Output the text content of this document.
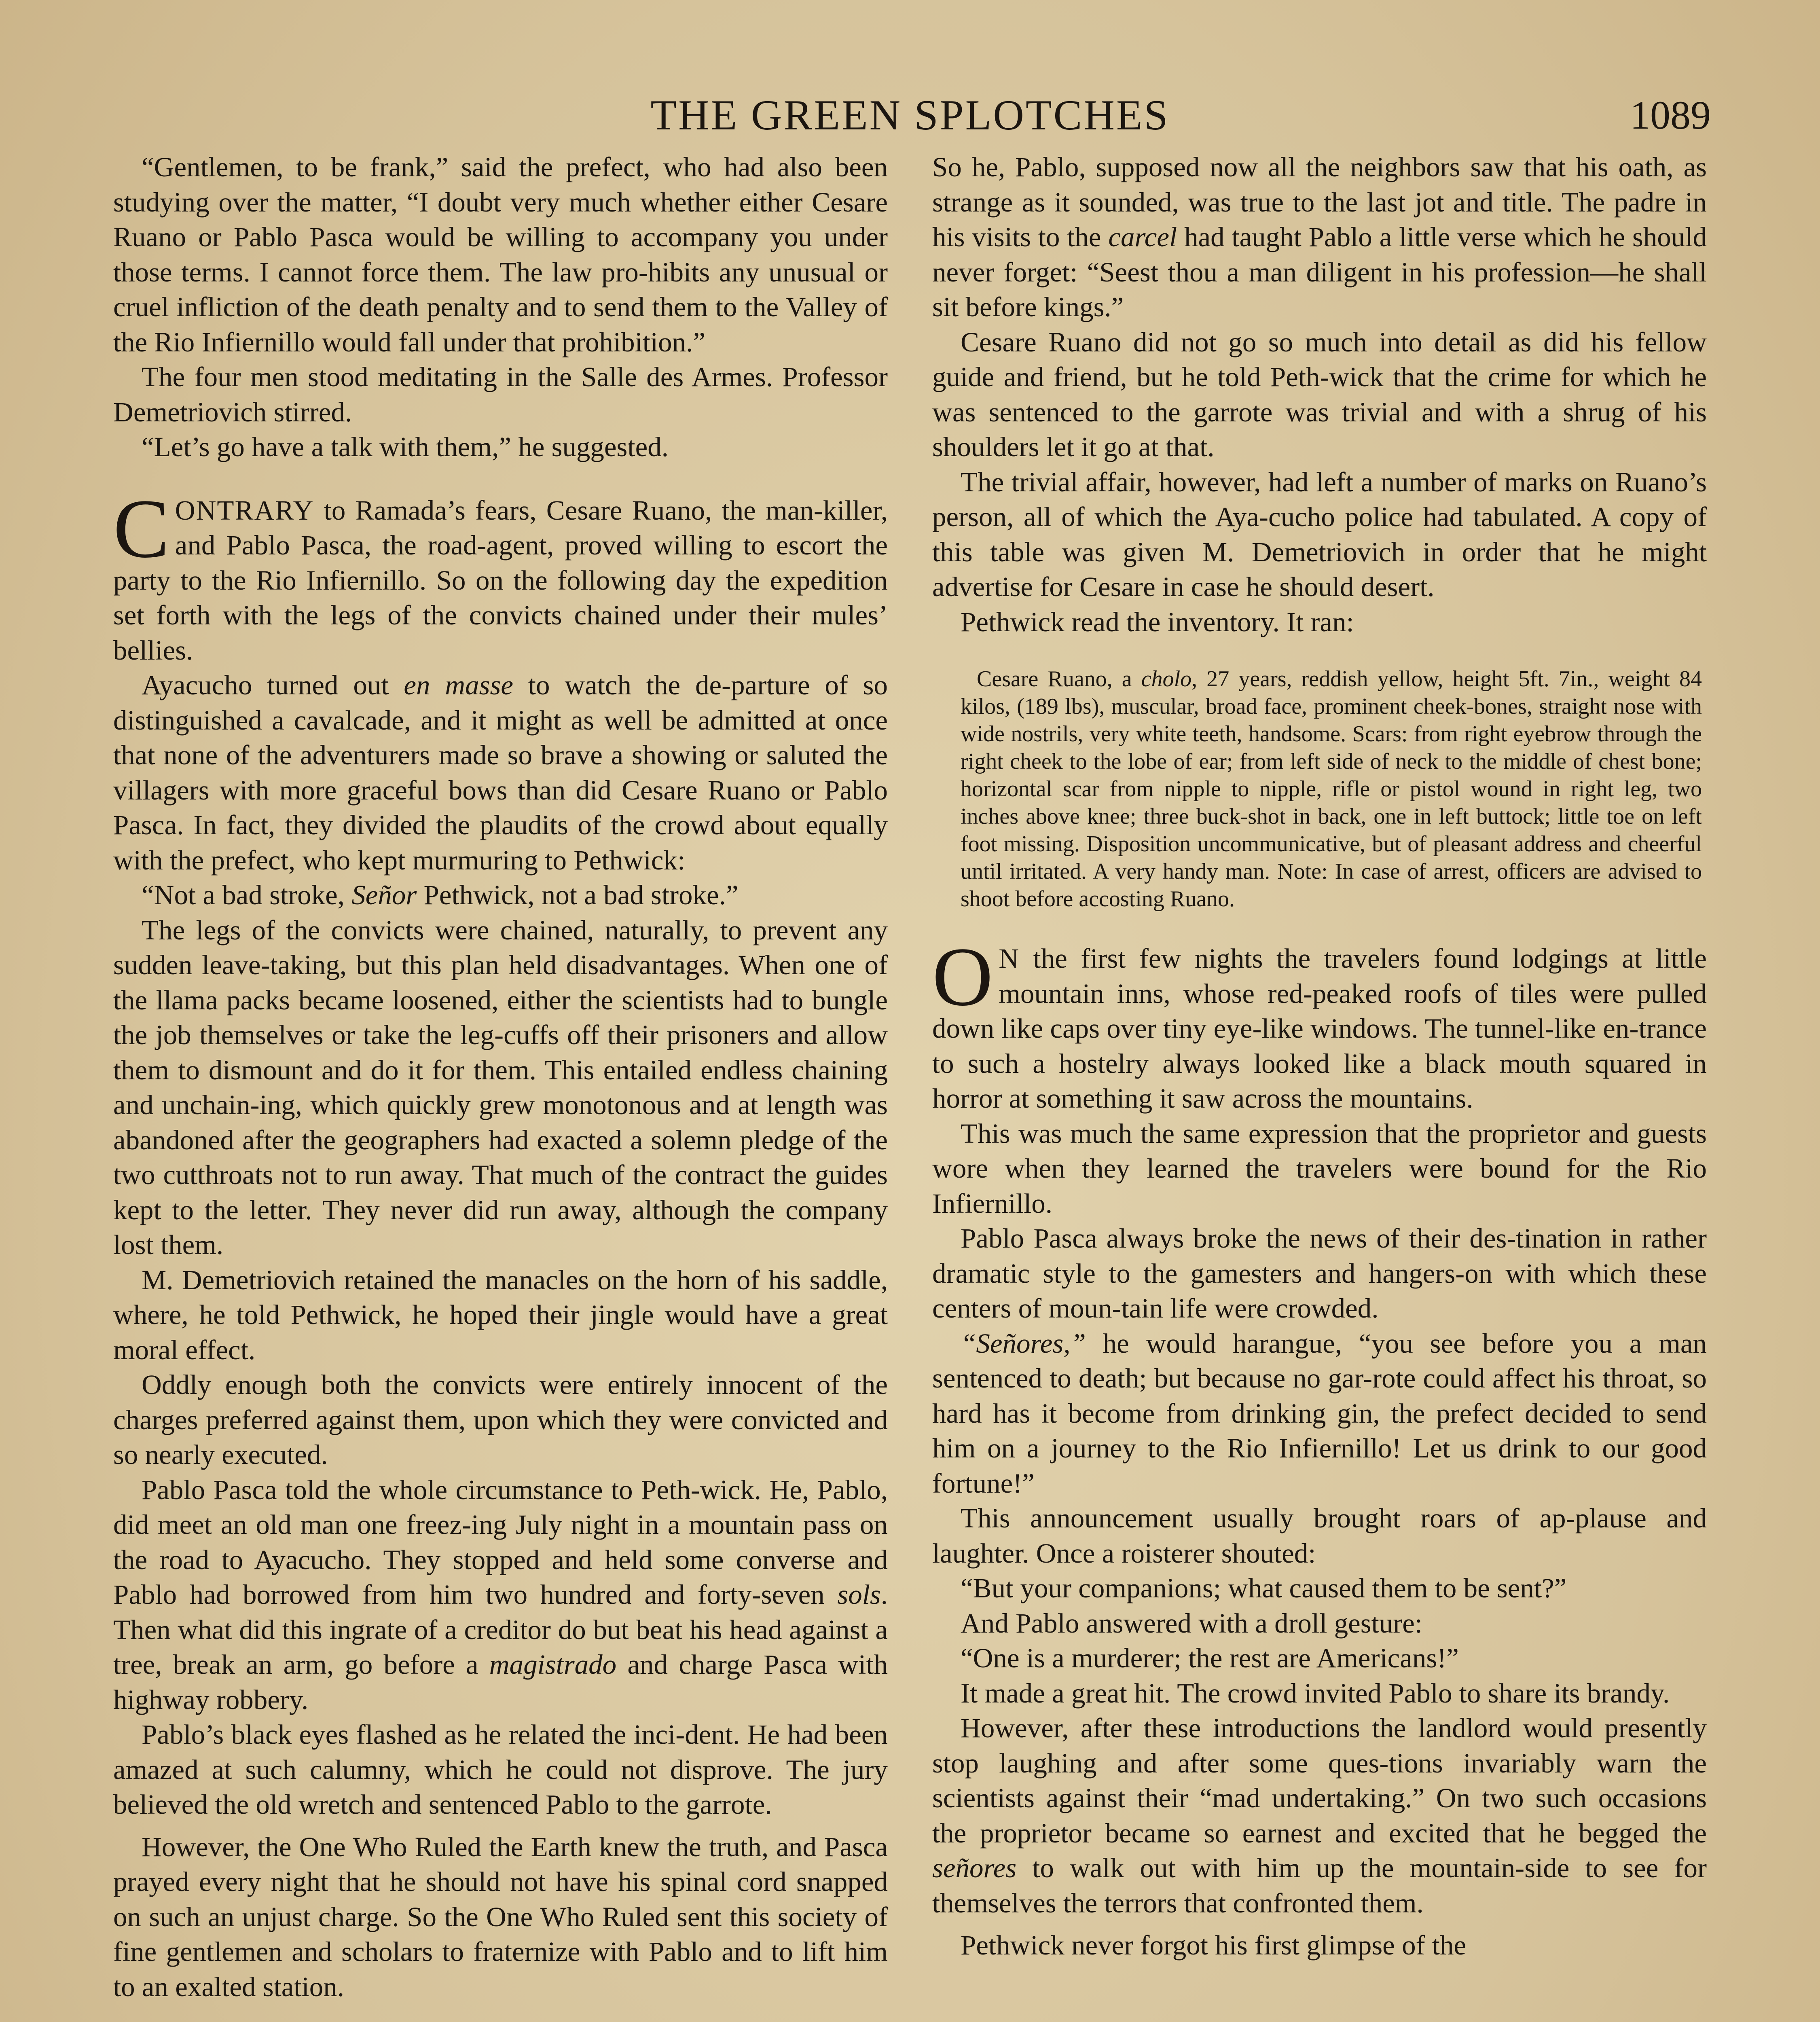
THE GREEN SPLOTCHES	1089

“Gentlemen, to be frank,” said the prefect, who had also been studying over the matter, “I doubt very much whether either Cesare Ruano or Pablo Pasca would be willing to accompany you under those terms. I cannot force them. The law pro-hibits any unusual or cruel infliction of the death penalty and to send them to the Valley of the Rio Infiernillo would fall under that prohibition.”

The four men stood meditating in the Salle des Armes. Professor Demetriovich stirred.

“Let’s go have a talk with them,” he suggested.

CONTRARY to Ramada’s fears, Cesare Ruano, the man-killer, and Pablo Pasca, the road-agent, proved willing to escort the party to the Rio Infiernillo. So on the following day the expedition set forth with the legs of the convicts chained under their mules’ bellies.

Ayacucho turned out en masse to watch the de-parture of so distinguished a cavalcade, and it might as well be admitted at once that none of the adventurers made so brave a showing or saluted the villagers with more graceful bows than did Cesare Ruano or Pablo Pasca. In fact, they divided the plaudits of the crowd about equally with the prefect, who kept murmuring to Pethwick:

“Not a bad stroke, Señor Pethwick, not a bad stroke.”

The legs of the convicts were chained, naturally, to prevent any sudden leave-taking, but this plan held disadvantages. When one of the llama packs became loosened, either the scientists had to bungle the job themselves or take the leg-cuffs off their prisoners and allow them to dismount and do it for them. This entailed endless chaining and unchain-ing, which quickly grew monotonous and at length was abandoned after the geographers had exacted a solemn pledge of the two cutthroats not to run away. That much of the contract the guides kept to the letter. They never did run away, although the company lost them.

M. Demetriovich retained the manacles on the horn of his saddle, where, he told Pethwick, he hoped their jingle would have a great moral effect.

Oddly enough both the convicts were entirely innocent of the charges preferred against them, upon which they were convicted and so nearly executed.

Pablo Pasca told the whole circumstance to Peth-wick. He, Pablo, did meet an old man one freez-ing July night in a mountain pass on the road to Ayacucho. They stopped and held some converse and Pablo had borrowed from him two hundred and forty-seven sols. Then what did this ingrate of a creditor do but beat his head against a tree, break an arm, go before a magistrado and charge Pasca with highway robbery.

Pablo’s black eyes flashed as he related the inci-dent. He had been amazed at such calumny, which he could not disprove. The jury believed the old wretch and sentenced Pablo to the garrote.

However, the One Who Ruled the Earth knew the truth, and Pasca prayed every night that he should not have his spinal cord snapped on such an unjust charge. So the One Who Ruled sent this society of fine gentlemen and scholars to fraternize with Pablo and to lift him to an exalted station.

So he, Pablo, supposed now all the neighbors saw that his oath, as strange as it sounded, was true to the last jot and title. The padre in his visits to the carcel had taught Pablo a little verse which he should never forget: “Seest thou a man diligent in his profession—he shall sit before kings.”

Cesare Ruano did not go so much into detail as did his fellow guide and friend, but he told Peth-wick that the crime for which he was sentenced to the garrote was trivial and with a shrug of his shoulders let it go at that.

The trivial affair, however, had left a number of marks on Ruano’s person, all of which the Aya-cucho police had tabulated. A copy of this table was given M. Demetriovich in order that he might advertise for Cesare in case he should desert.

Pethwick read the inventory. It ran:

Cesare Ruano, a cholo, 27 years, reddish yellow, height 5ft. 7in., weight 84 kilos, (189 lbs), muscular, broad face, prominent cheek-bones, straight nose with wide nostrils, very white teeth, handsome. Scars: from right eyebrow through the right cheek to the lobe of ear; from left side of neck to the middle of chest bone; horizontal scar from nipple to nipple, rifle or pistol wound in right leg, two inches above knee; three buck-shot in back, one in left buttock; little toe on left foot missing. Disposition uncommunicative, but of pleasant address and cheerful until irritated. A very handy man. Note: In case of arrest, officers are advised to shoot before accosting Ruano.

O N the first few nights the travelers found lodgings at little mountain inns, whose red-peaked roofs of tiles were pulled down like caps over tiny eye-like windows. The tunnel-like en-trance to such a hostelry always looked like a black mouth squared in horror at something it saw across the mountains.

This was much the same expression that the proprietor and guests wore when they learned the travelers were bound for the Rio Infiernillo.

Pablo Pasca always broke the news of their des-tination in rather dramatic style to the gamesters and hangers-on with which these centers of moun-tain life were crowded.

“Señores,” he would harangue, “you see before you a man sentenced to death; but because no gar-rote could affect his throat, so hard has it become from drinking gin, the prefect decided to send him on a journey to the Rio Infiernillo! Let us drink to our good fortune!”

This announcement usually brought roars of ap-plause and laughter. Once a roisterer shouted:

“But your companions; what caused them to be sent?”

And Pablo answered with a droll gesture:

“One is a murderer; the rest are Americans!”

It made a great hit. The crowd invited Pablo to share its brandy.

However, after these introductions the landlord would presently stop laughing and after some ques-tions invariably warn the scientists against their “mad undertaking.” On two such occasions the proprietor became so earnest and excited that he begged the señores to walk out with him up the mountain-side to see for themselves the terrors that confronted them.

Pethwick never forgot his first glimpse of the
